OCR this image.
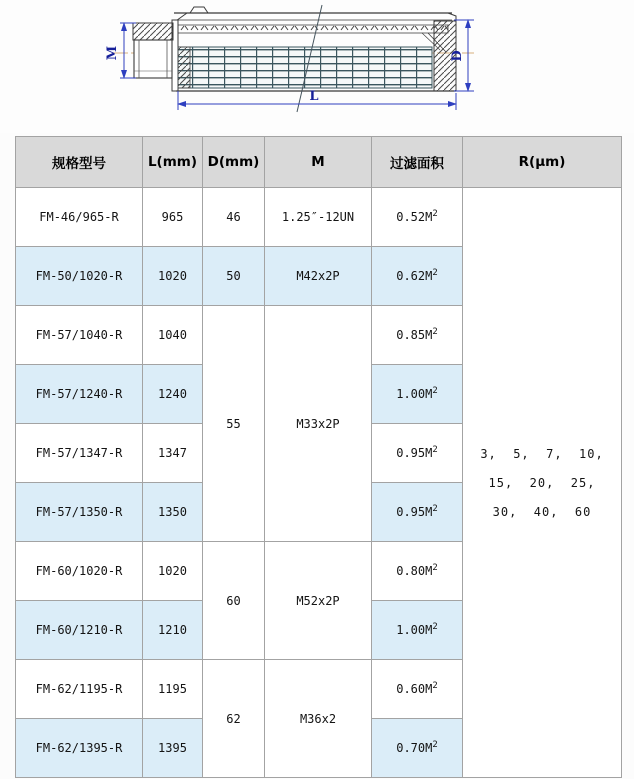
M	D
L
规格型号	L(mm)	D(mm)	M	过滤面积	R(μm)
FM-46/965-R	965	46	1.25″-12UN	$0.52M^2$	3,  5,  7,  10,
15,  20,  25,
30,  40,  60

FM-50/1020-R	1020	50	M42x2P	$0.62M^2$
FM-57/1040-R	1040	55	M33x2P	$0.85M^2$
FM-57/1240-R	1240			$1.00M^2$
FM-57/1347-R	1347			$0.95M^2$
FM-57/1350-R	1350			$0.95M^2$
FM-60/1020-R	1020	60	M52x2P	$0.80M^2$
FM-60/1210-R	1210			$1.00M^2$
FM-62/1195-R	1195	62	M36x2	$0.60M^2$
FM-62/1395-R	1395			$0.70M^2$
